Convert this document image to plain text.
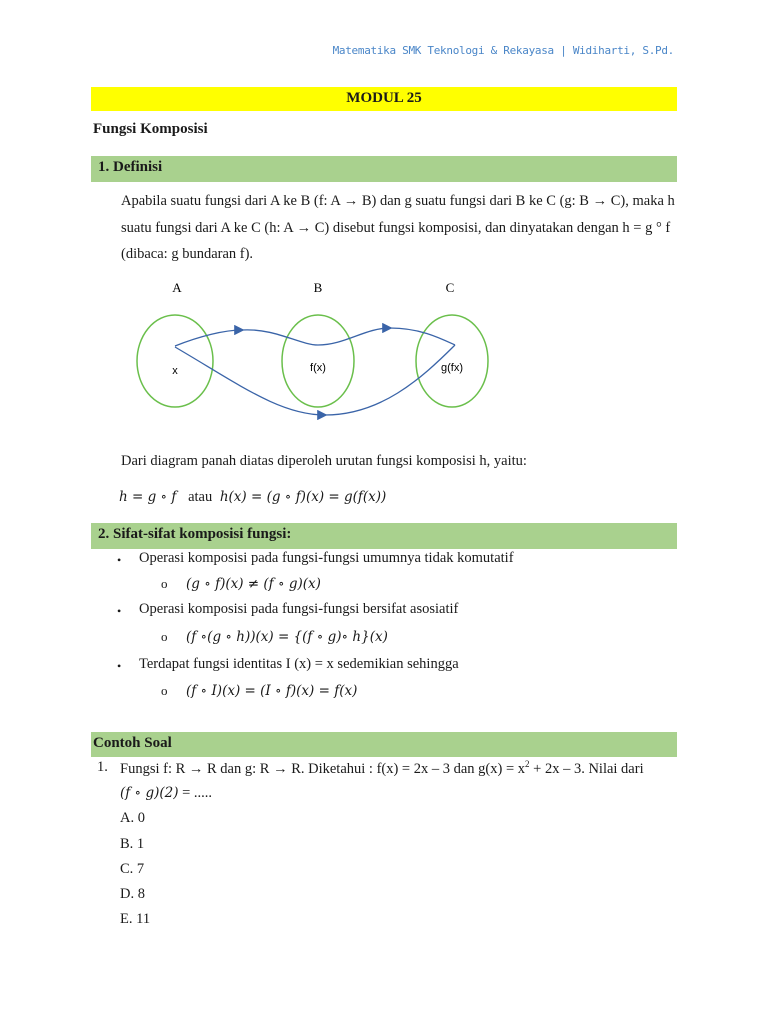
Matematika SMK Teknologi & Rekayasa | Widiharti, S.Pd.
MODUL 25
Fungsi Komposisi
1. Definisi
Apabila suatu fungsi dari A ke B (f: A → B) dan g suatu fungsi dari B ke C (g: B → C), maka h suatu fungsi dari A ke C (h: A → C) disebut fungsi komposisi, dan dinyatakan dengan h = g ° f (dibaca: g bundaran f).
A	B	C
x	f(x)	g(fx)
Dari diagram panah diatas diperoleh urutan fungsi komposisi h, yaitu:
h = g ∘ f atau h(x) = (g ∘ f)(x) = g(f(x))
2. Sifat-sifat komposisi fungsi:
• Operasi komposisi pada fungsi-fungsi umumnya tidak komutatif
o (g ∘ f)(x) ≠ (f ∘ g)(x)
• Operasi komposisi pada fungsi-fungsi bersifat asosiatif
o (f ∘(g ∘ h))(x) = {(f ∘ g)∘ h}(x)
• Terdapat fungsi identitas I (x) = x sedemikian sehingga
o (f ∘ I)(x) = (I ∘ f)(x) = f(x)
Contoh Soal
1. Fungsi f: R → R dan g: R → R. Diketahui : f(x) = 2x – 3 dan $g(x) = x^2 + 2x - 3$. Nilai dari
(f ∘ g)(2) = .....
A. 0
B. 1
C. 7
D. 8
E. 11
